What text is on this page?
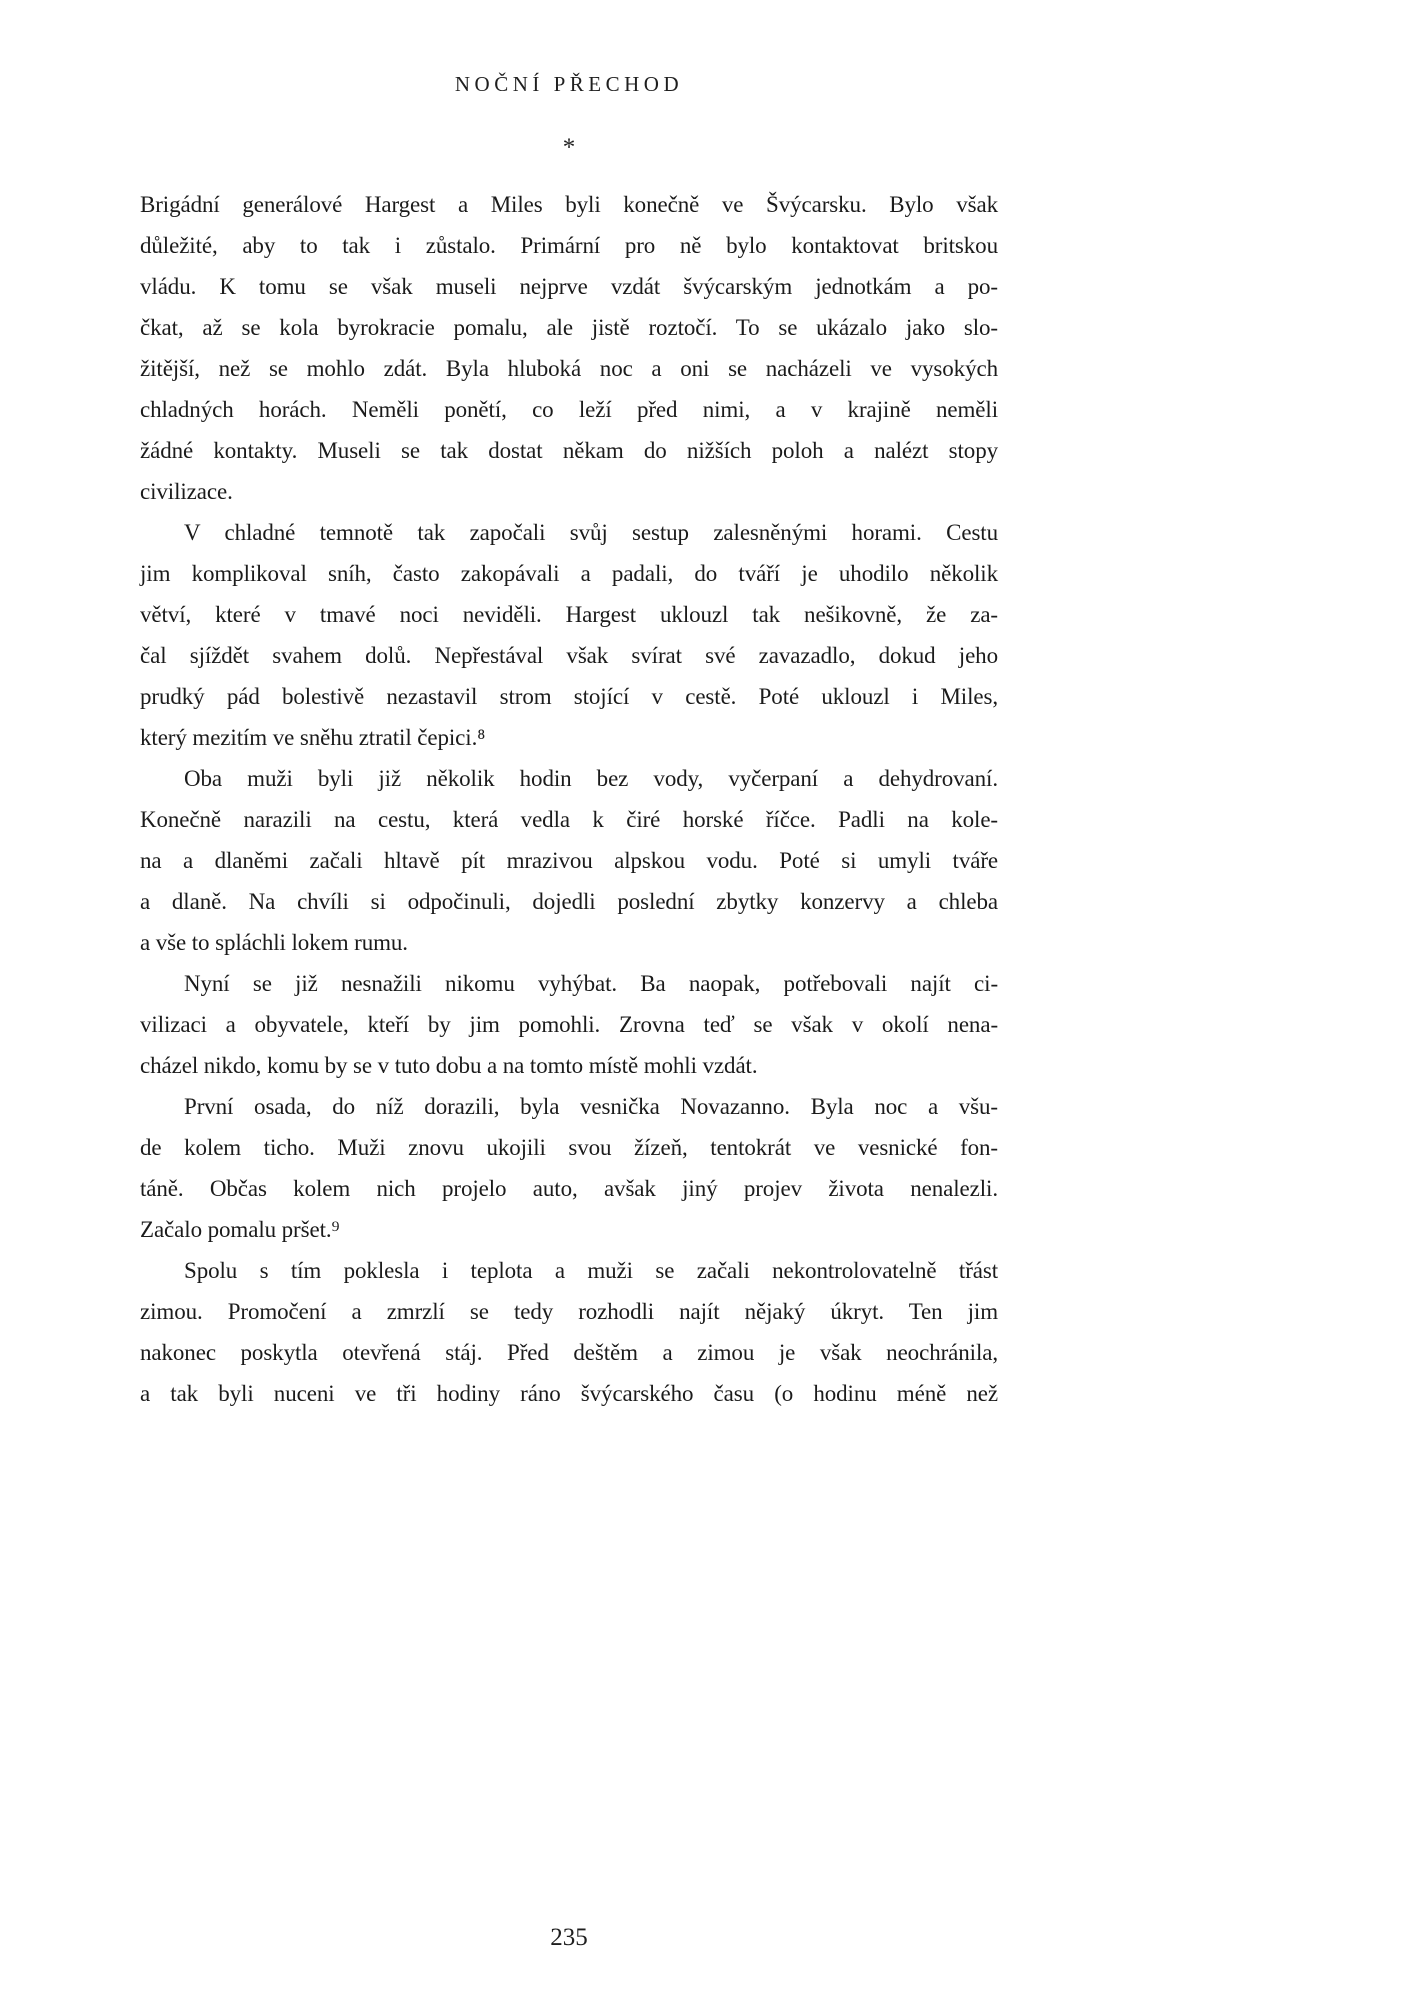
NOČNÍ PŘECHOD
*
Brigádní generálové Hargest a Miles byli konečně ve Švýcarsku. Bylo však
důležité, aby to tak i zůstalo. Primární pro ně bylo kontaktovat britskou
vládu. K tomu se však museli nejprve vzdát švýcarským jednotkám a po-
čkat, až se kola byrokracie pomalu, ale jistě roztočí. To se ukázalo jako slo-
žitější, než se mohlo zdát. Byla hluboká noc a oni se nacházeli ve vysokých
chladných horách. Neměli ponětí, co leží před nimi, a v krajině neměli
žádné kontakty. Museli se tak dostat někam do nižších poloh a nalézt stopy
civilizace.
V chladné temnotě tak započali svůj sestup zalesněnými horami. Cestu
jim komplikoval sníh, často zakopávali a padali, do tváří je uhodilo několik
větví, které v tmavé noci neviděli. Hargest uklouzl tak nešikovně, že za-
čal sjíždět svahem dolů. Nepřestával však svírat své zavazadlo, dokud jeho
prudký pád bolestivě nezastavil strom stojící v cestě. Poté uklouzl i Miles,
který mezitím ve sněhu ztratil čepici.⁸
Oba muži byli již několik hodin bez vody, vyčerpaní a dehydrovaní.
Konečně narazili na cestu, která vedla k čiré horské říčce. Padli na kole-
na a dlaněmi začali hltavě pít mrazivou alpskou vodu. Poté si umyli tváře
a dlaně. Na chvíli si odpočinuli, dojedli poslední zbytky konzervy a chleba
a vše to spláchli lokem rumu.
Nyní se již nesnažili nikomu vyhýbat. Ba naopak, potřebovali najít ci-
vilizaci a obyvatele, kteří by jim pomohli. Zrovna teď se však v okolí nena-
cházel nikdo, komu by se v tuto dobu a na tomto místě mohli vzdát.
První osada, do níž dorazili, byla vesnička Novazanno. Byla noc a všu-
de kolem ticho. Muži znovu ukojili svou žízeň, tentokrát ve vesnické fon-
táně. Občas kolem nich projelo auto, avšak jiný projev života nenalezli.
Začalo pomalu pršet.⁹
Spolu s tím poklesla i teplota a muži se začali nekontrolovatelně třást
zimou. Promočení a zmrzlí se tedy rozhodli najít nějaký úkryt. Ten jim
nakonec poskytla otevřená stáj. Před deštěm a zimou je však neochránila,
a tak byli nuceni ve tři hodiny ráno švýcarského času (o hodinu méně než
235
